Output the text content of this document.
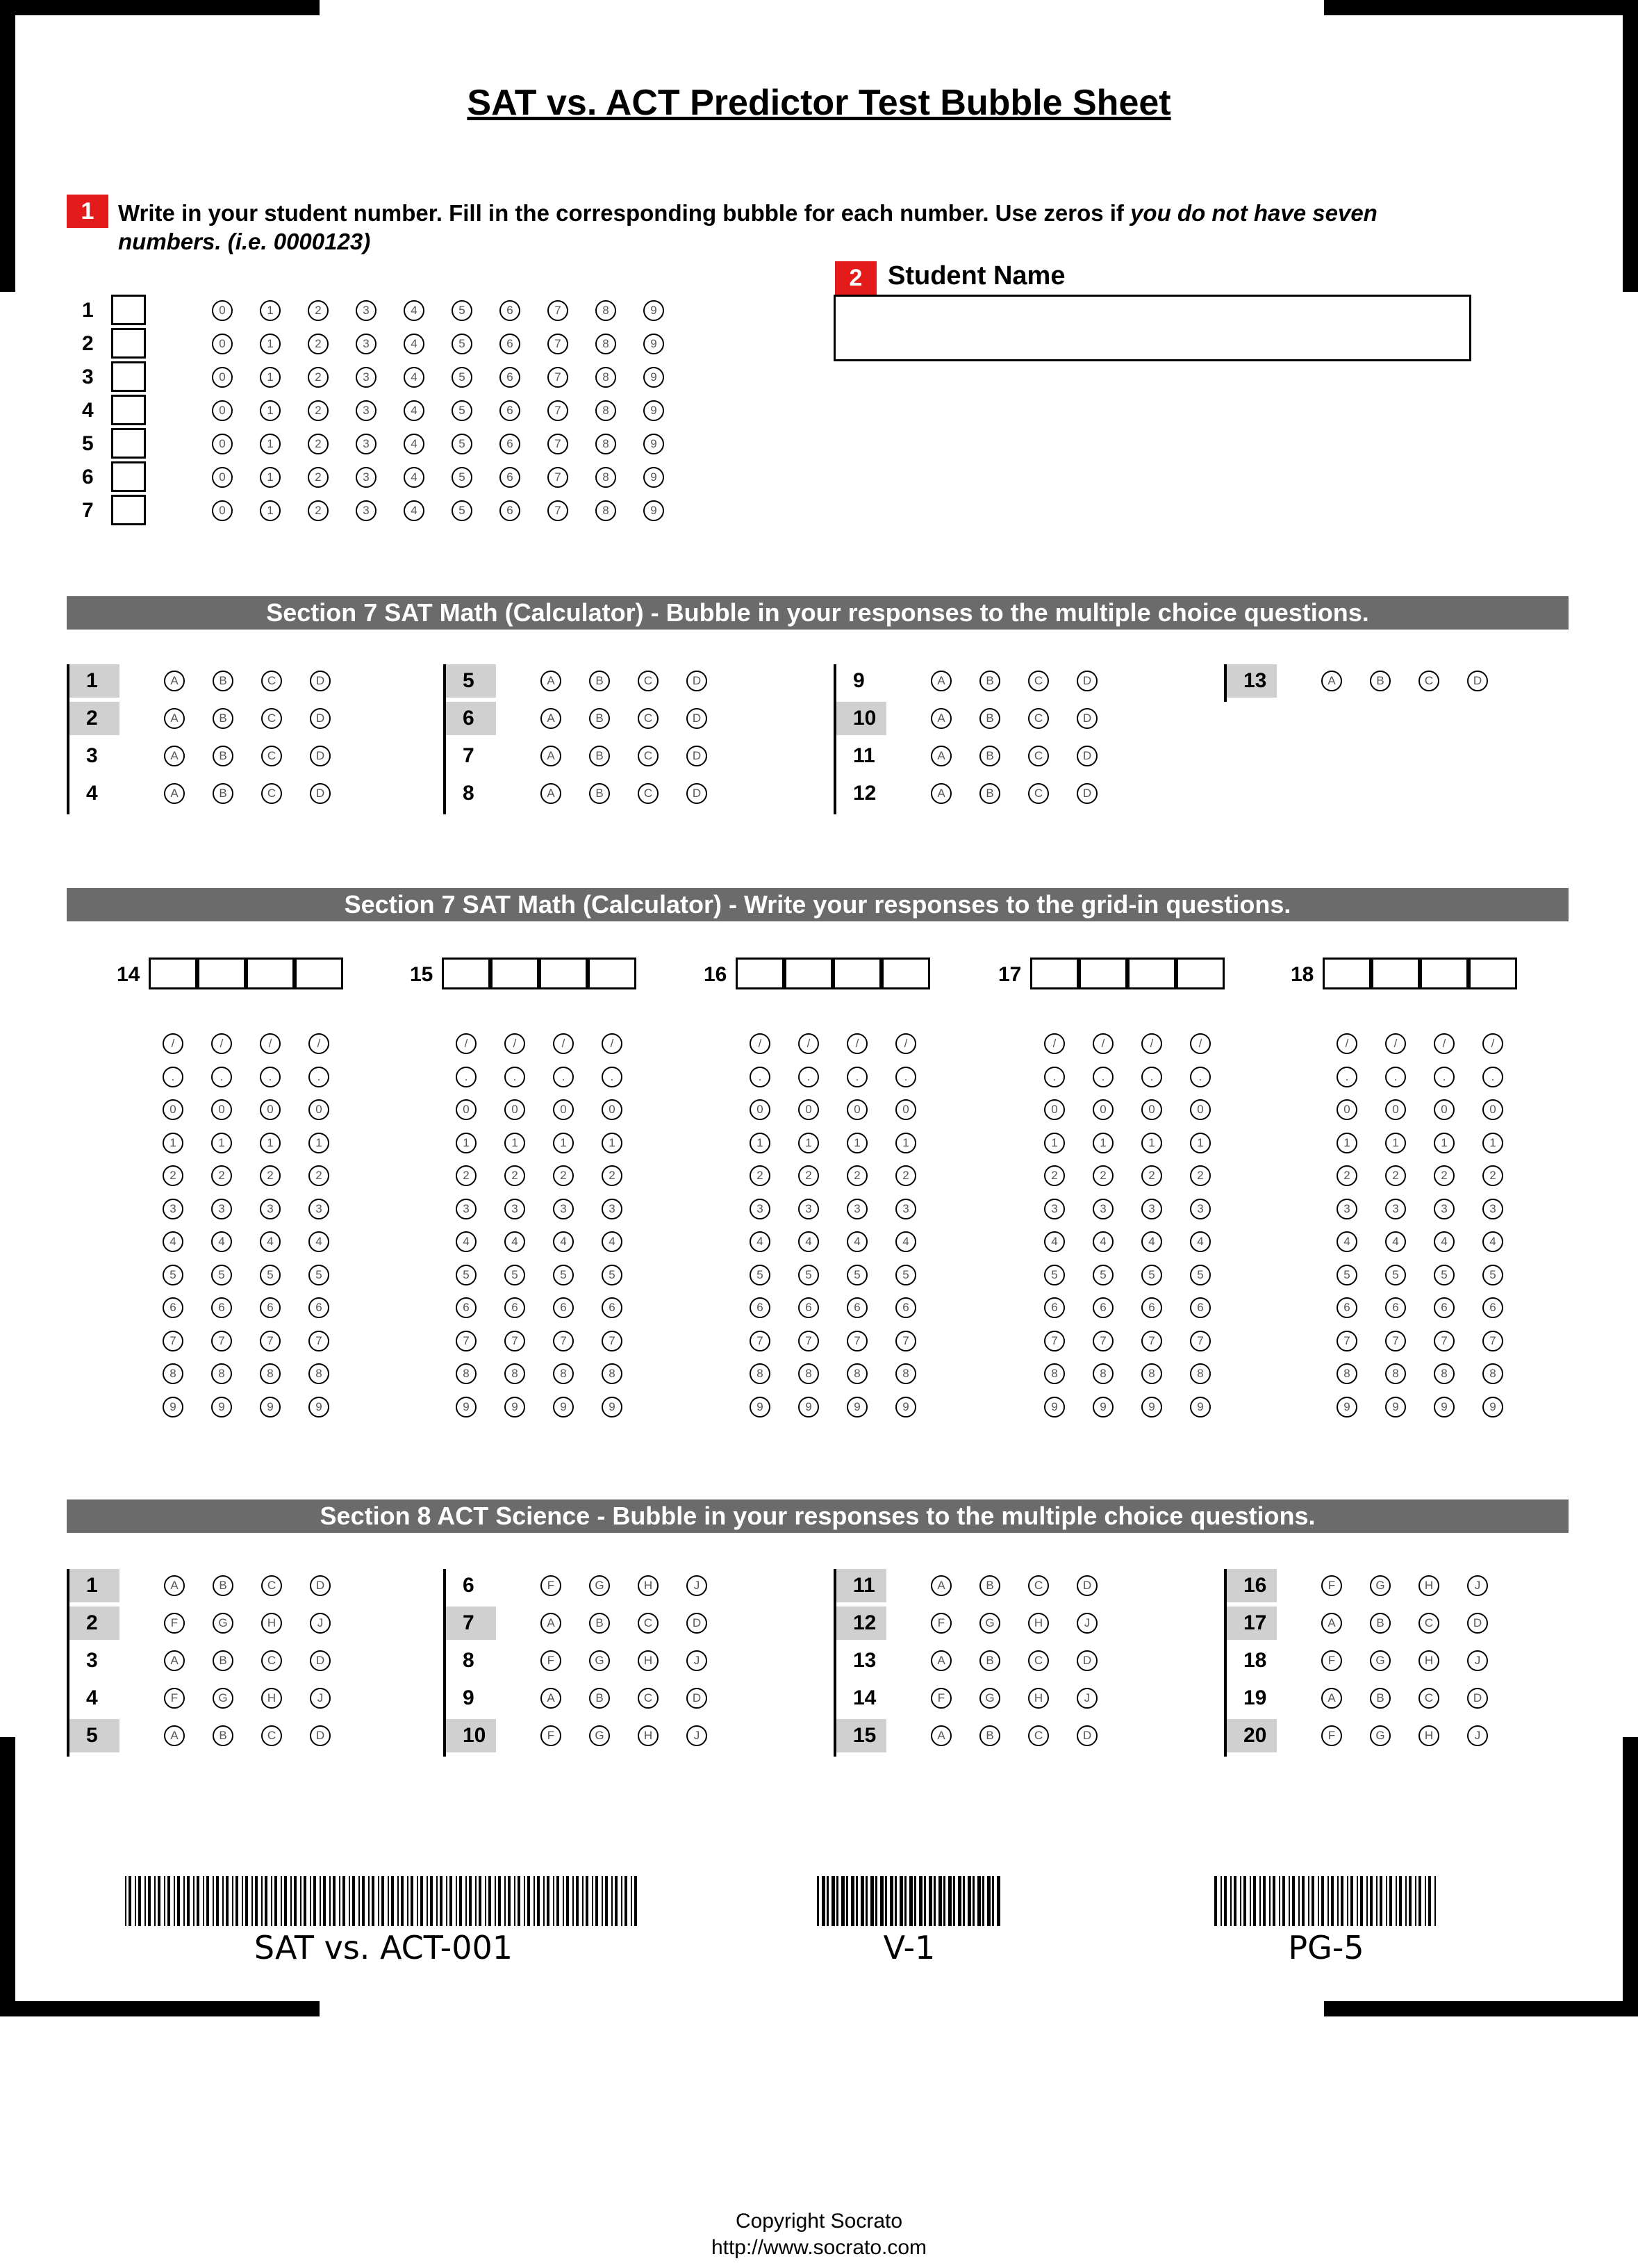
SAT vs. ACT Predictor Test Bubble Sheet
1	Write in your student number. Fill in the corresponding bubble for each number. Use zeros if you do not have seven numbers. (i.e. 0000123)
2 Student Name
1	0	1	2	3	4	5	6	7	8	9
2	0	1	2	3	4	5	6	7	8	9
3	0	1	2	3	4	5	6	7	8	9
4	0	1	2	3	4	5	6	7	8	9
5	0	1	2	3	4	5	6	7	8	9
6	0	1	2	3	4	5	6	7	8	9
7	0	1	2	3	4	5	6	7	8	9
1	A	B	C	D
2	A	B	C	D
3	A	B	C	D
4	A	B	C	D
5	A	B	C	D
6	A	B	C	D
7	A	B	C	D
8	A	B	C	D
9	A	B	C	D
10	A	B	C	D
11	A	B	C	D
12	A	B	C	D
13	A	B	C	D
14
/	/	/	/
.	.	.	.
0	0	0	0
1	1	1	1
2	2	2	2
3	3	3	3
4	4	4	4
5	5	5	5
6	6	6	6
7	7	7	7
8	8	8	8
9	9	9	9
15
/	/	/	/
.	.	.	.
0	0	0	0
1	1	1	1
2	2	2	2
3	3	3	3
4	4	4	4
5	5	5	5
6	6	6	6
7	7	7	7
8	8	8	8
9	9	9	9
16
/	/	/	/
.	.	.	.
0	0	0	0
1	1	1	1
2	2	2	2
3	3	3	3
4	4	4	4
5	5	5	5
6	6	6	6
7	7	7	7
8	8	8	8
9	9	9	9
17
/	/	/	/
.	.	.	.
0	0	0	0
1	1	1	1
2	2	2	2
3	3	3	3
4	4	4	4
5	5	5	5
6	6	6	6
7	7	7	7
8	8	8	8
9	9	9	9
18
/	/	/	/
.	.	.	.
0	0	0	0
1	1	1	1
2	2	2	2
3	3	3	3
4	4	4	4
5	5	5	5
6	6	6	6
7	7	7	7
8	8	8	8
9	9	9	9
1	A	B	C	D
2	F	G	H	J
3	A	B	C	D
4	F	G	H	J
5	A	B	C	D
6	F	G	H	J
7	A	B	C	D
8	F	G	H	J
9	A	B	C	D
10	F	G	H	J
11	A	B	C	D
12	F	G	H	J
13	A	B	C	D
14	F	G	H	J
15	A	B	C	D
16	F	G	H	J
17	A	B	C	D
18	F	G	H	J
19	A	B	C	D
20	F	G	H	J
Section 7 SAT Math (Calculator) - Bubble in your responses to the multiple choice questions.
Section 7 SAT Math (Calculator) - Write your responses to the grid-in questions.
Section 8 ACT Science - Bubble in your responses to the multiple choice questions.
SAT vs. ACT-001	V-1	PG-5
Copyright Socrato
http://www.socrato.com
